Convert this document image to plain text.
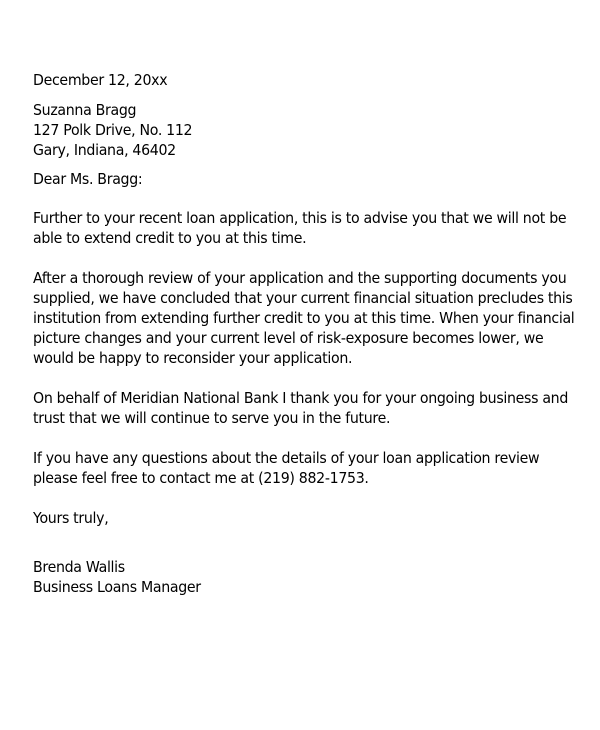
December 12, 20xx

Suzanna Bragg
127 Polk Drive, No. 112
Gary, Indiana, 46402

Dear Ms. Bragg:

Further to your recent loan application, this is to advise you that we will not be
able to extend credit to you at this time.

After a thorough review of your application and the supporting documents you
supplied, we have concluded that your current financial situation precludes this
institution from extending further credit to you at this time. When your financial
picture changes and your current level of risk-exposure becomes lower, we
would be happy to reconsider your application.

On behalf of Meridian National Bank I thank you for your ongoing business and
trust that we will continue to serve you in the future.

If you have any questions about the details of your loan application review
please feel free to contact me at (219) 882-1753.

Yours truly,

Brenda Wallis
Business Loans Manager
